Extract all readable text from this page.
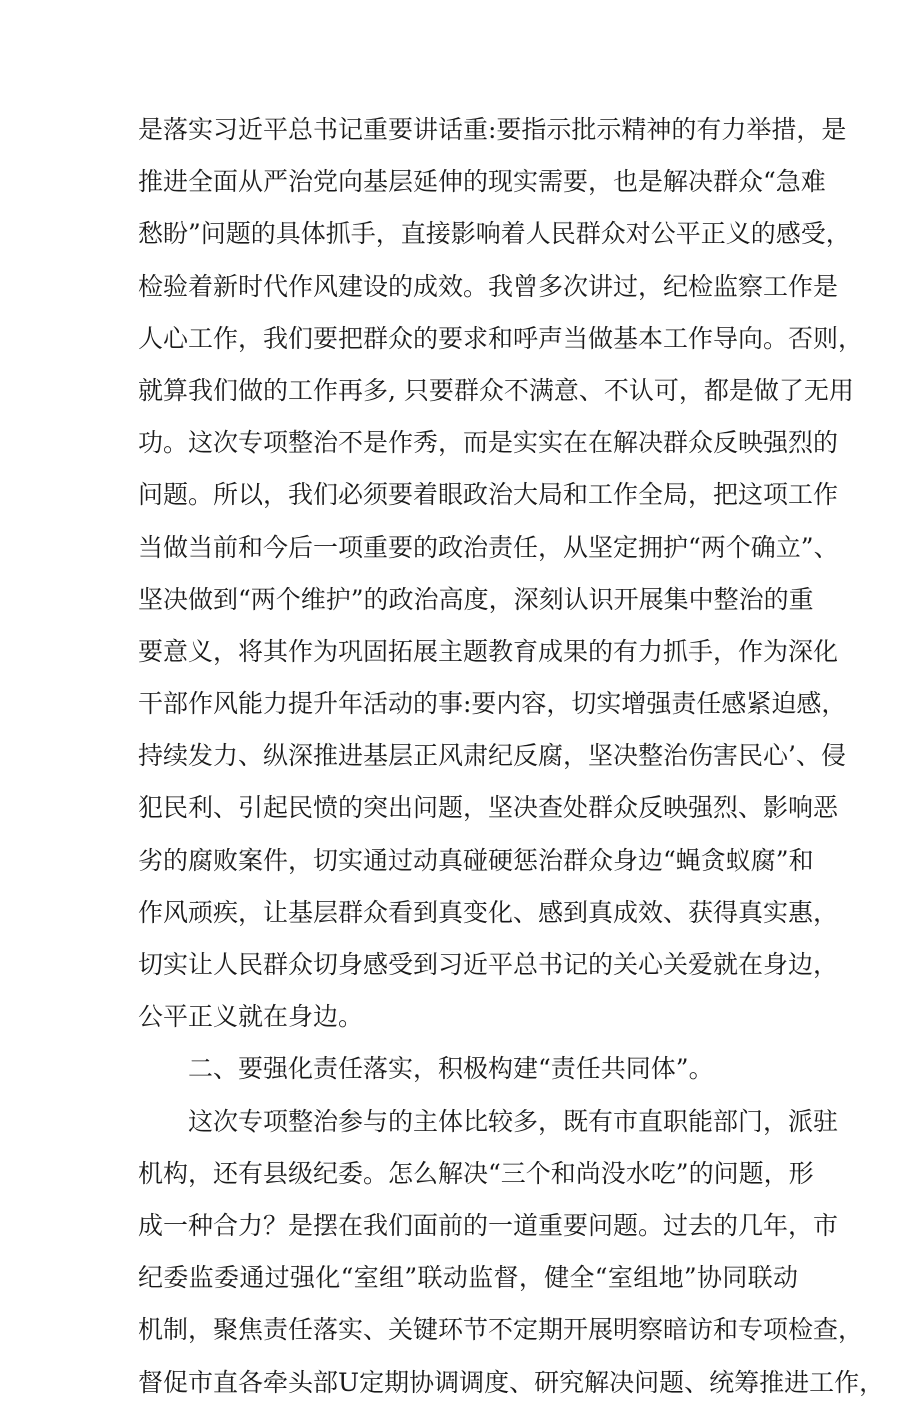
是落实习近平总书记重要讲话重:要指示批示精神的有力举措，是
推进全面从严治党向基层延伸的现实需要，也是解决群众“急难
愁盼”问题的具体抓手，直接影响着人民群众对公平正义的感受，
检验着新时代作风建设的成效。我曾多次讲过，纪检监察工作是
人心工作，我们要把群众的要求和呼声当做基本工作导向。否则，
就算我们做的工作再多, 只要群众不满意、不认可，都是做了无用
功。这次专项整治不是作秀，而是实实在在解决群众反映强烈的
问题。所以，我们必须要着眼政治大局和工作全局，把这项工作
当做当前和今后一项重要的政治责任，从坚定拥护“两个确立”、
坚决做到“两个维护”的政治高度，深刻认识开展集中整治的重
要意义，将其作为巩固拓展主题教育成果的有力抓手，作为深化
干部作风能力提升年活动的事:要内容，切实增强责任感紧迫感，
持续发力、纵深推进基层正风肃纪反腐，坚决整治伤害民心’、侵
犯民利、引起民愤的突出问题，坚决查处群众反映强烈、影响恶
劣的腐败案件，切实通过动真碰硬惩治群众身边“蝇贪蚁腐”和
作风顽疾，让基层群众看到真变化、感到真成效、获得真实惠，
切实让人民群众切身感受到习近平总书记的关心关爱就在身边，
公平正义就在身边。
二、要强化责任落实，积极构建“责任共同体”。
这次专项整治参与的主体比较多，既有市直职能部门，派驻
机构，还有县级纪委。怎么解决“三个和尚没水吃”的问题，形
成一种合力？是摆在我们面前的一道重要问题。过去的几年，市
纪委监委通过强化“室组”联动监督，健全“室组地”协同联动
机制，聚焦责任落实、关键环节不定期开展明察暗访和专项检查，
督促市直各牵头部U定期协调调度、研究解决问题、统筹推进工作，
